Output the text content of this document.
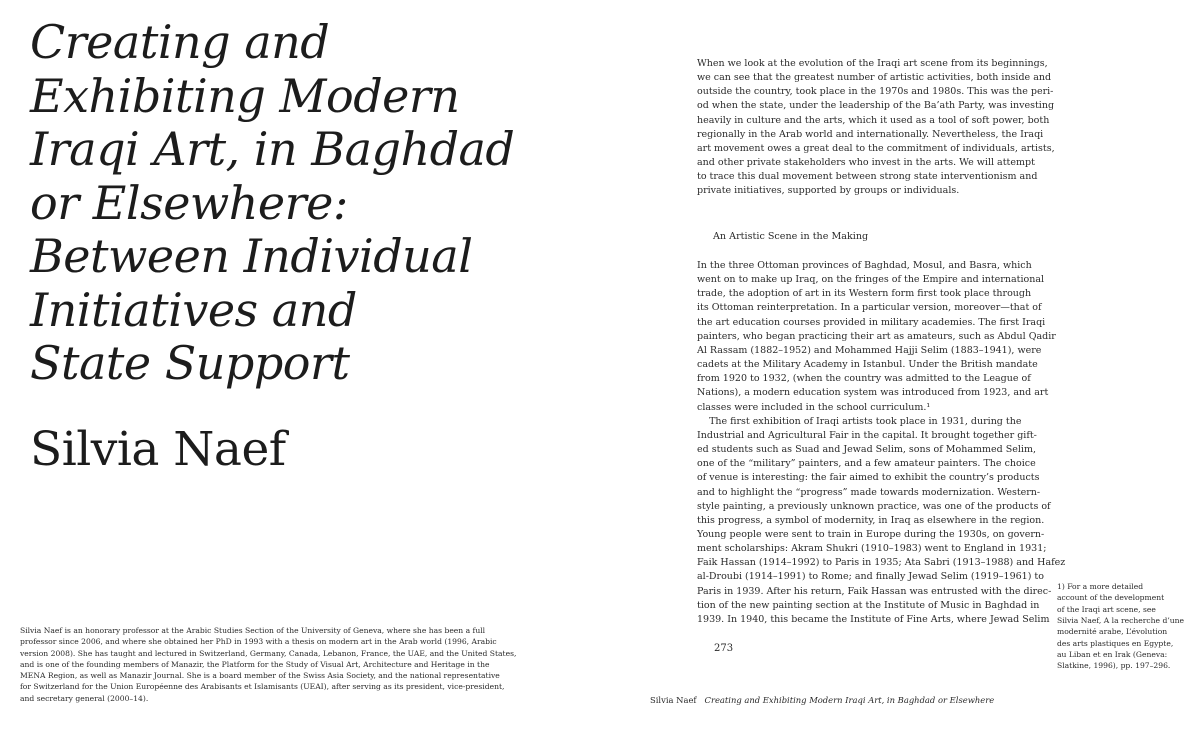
Creating and
Exhibiting Modern
Iraqi Art, in Baghdad
or Elsewhere:
Between Individual
Initiatives and
State Support
Silvia Naef
Silvia Naef is an honorary professor at the Arabic Studies Section of the University of Geneva, where she has been a full
professor since 2006, and where she obtained her PhD in 1993 with a thesis on modern art in the Arab world (1996, Arabic
version 2008). She has taught and lectured in Switzerland, Germany, Canada, Lebanon, France, the UAE, and the United States,
and is one of the founding members of Manazir, the Platform for the Study of Visual Art, Architecture and Heritage in the
MENA Region, as well as Manazir Journal. She is a board member of the Swiss Asia Society, and the national representative
for Switzerland for the Union Européenne des Arabisants et Islamisants (UEAI), after serving as its president, vice-president,
and secretary general (2000–14).
When we look at the evolution of the Iraqi art scene from its beginnings,
we can see that the greatest number of artistic activities, both inside and
outside the country, took place in the 1970s and 1980s. This was the peri-
od when the state, under the leadership of the Ba’ath Party, was investing
heavily in culture and the arts, which it used as a tool of soft power, both
regionally in the Arab world and internationally. Nevertheless, the Iraqi
art movement owes a great deal to the commitment of individuals, artists,
and other private stakeholders who invest in the arts. We will attempt
to trace this dual movement between strong state interventionism and
private initiatives, supported by groups or individuals.
An Artistic Scene in the Making
In the three Ottoman provinces of Baghdad, Mosul, and Basra, which
went on to make up Iraq, on the fringes of the Empire and international
trade, the adoption of art in its Western form first took place through
its Ottoman reinterpretation. In a particular version, moreover—that of
the art education courses provided in military academies. The first Iraqi
painters, who began practicing their art as amateurs, such as Abdul Qadir
Al Rassam (1882–1952) and Mohammed Hajji Selim (1883–1941), were
cadets at the Military Academy in Istanbul. Under the British mandate
from 1920 to 1932, (when the country was admitted to the League of
Nations), a modern education system was introduced from 1923, and art
classes were included in the school curriculum.¹
The first exhibition of Iraqi artists took place in 1931, during the
Industrial and Agricultural Fair in the capital. It brought together gift-
ed students such as Suad and Jewad Selim, sons of Mohammed Selim,
one of the “military” painters, and a few amateur painters. The choice
of venue is interesting: the fair aimed to exhibit the country’s products
and to highlight the “progress” made towards modernization. Western-
style painting, a previously unknown practice, was one of the products of
this progress, a symbol of modernity, in Iraq as elsewhere in the region.
Young people were sent to train in Europe during the 1930s, on govern-
ment scholarships: Akram Shukri (1910–1983) went to England in 1931;
Faik Hassan (1914–1992) to Paris in 1935; Ata Sabri (1913–1988) and Hafez
al-Droubi (1914–1991) to Rome; and finally Jewad Selim (1919–1961) to
Paris in 1939. After his return, Faik Hassan was entrusted with the direc-
tion of the new painting section at the Institute of Music in Baghdad in
1939. In 1940, this became the Institute of Fine Arts, where Jewad Selim
273
Silvia Naef Creating and Exhibiting Modern Iraqi Art, in Baghdad or Elsewhere
1) For a more detailed
account of the development
of the Iraqi art scene, see
Silvia Naef, A la recherche d’une
modernité arabe, L’évolution
des arts plastiques en Egypte,
au Liban et en Irak (Geneva:
Slatkine, 1996), pp. 197–296.
